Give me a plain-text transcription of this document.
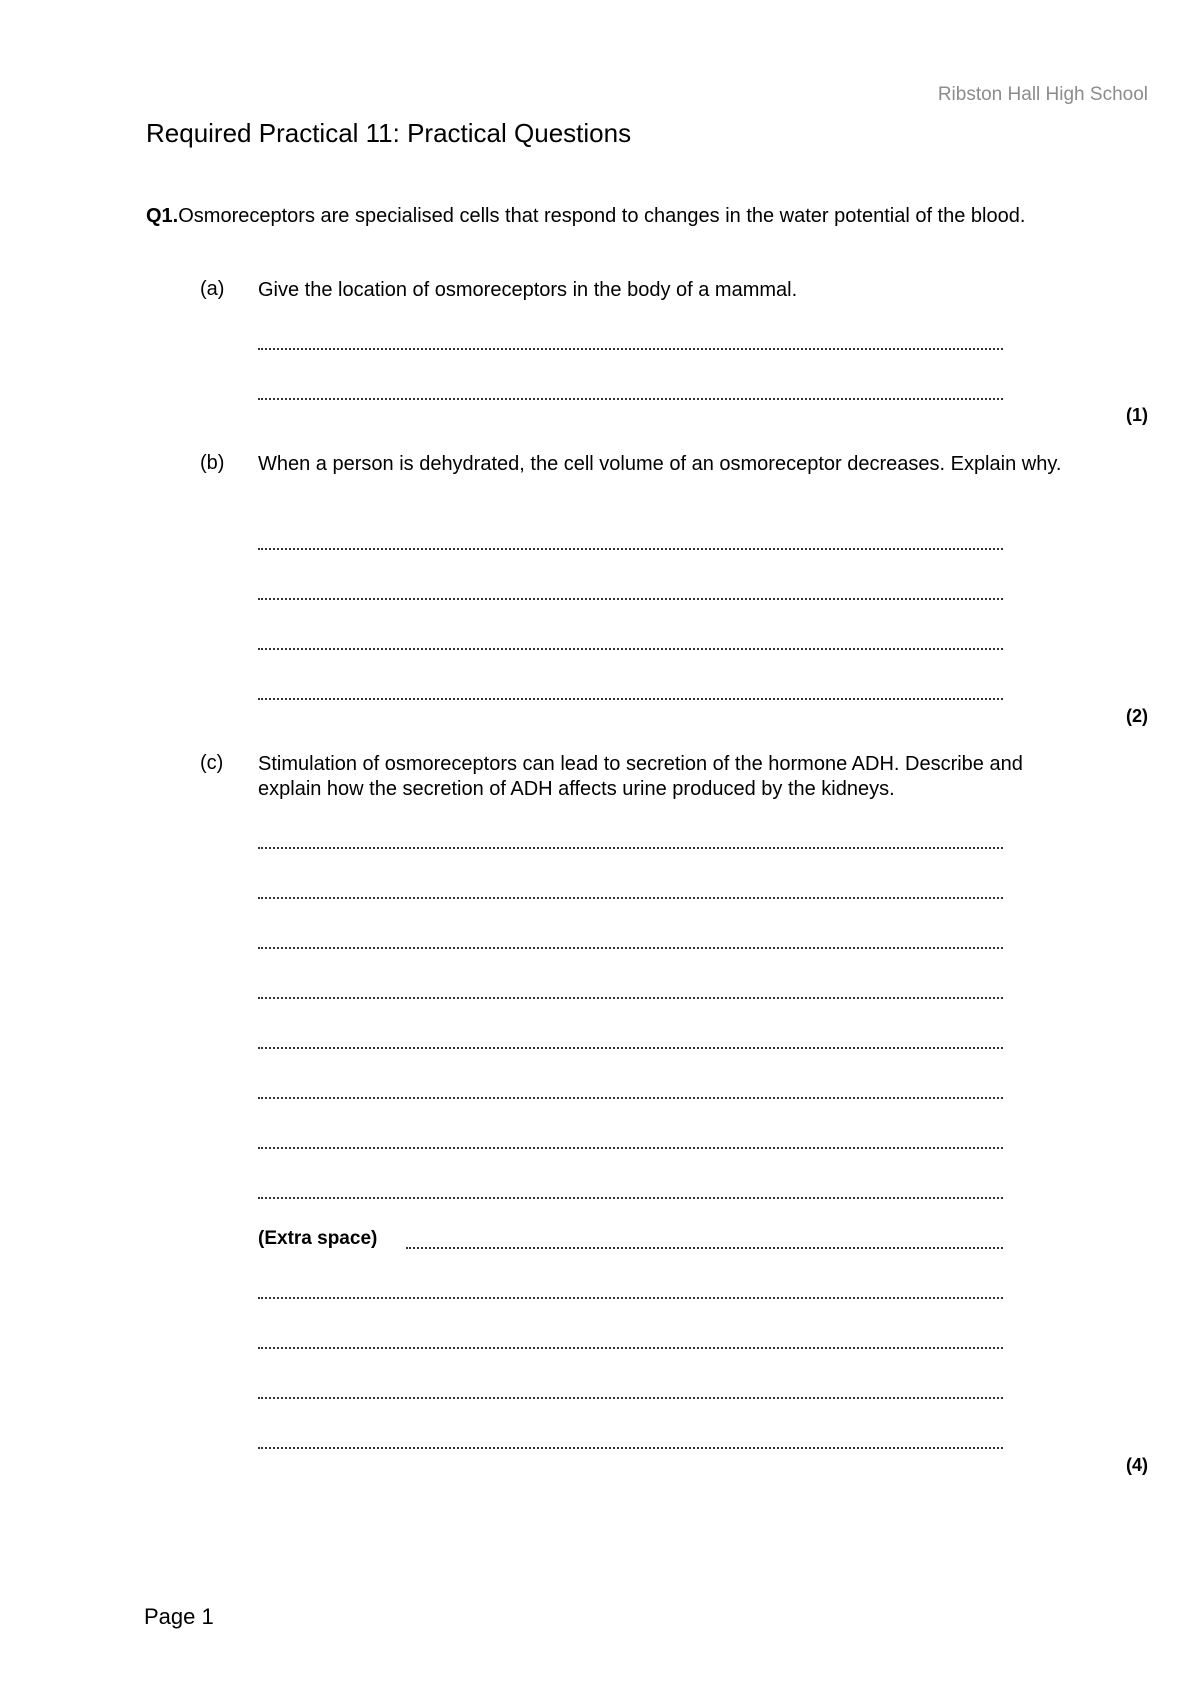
Ribston Hall High School
Required Practical 11: Practical Questions
Q1.Osmoreceptors are specialised cells that respond to changes in the water potential of the blood.
(a) Give the location of osmoreceptors in the body of a mammal.
(1)
(b) When a person is dehydrated, the cell volume of an osmoreceptor decreases. Explain why.
(2)
(c) Stimulation of osmoreceptors can lead to secretion of the hormone ADH. Describe and explain how the secretion of ADH affects urine produced by the kidneys.
(Extra space)
(4)
Page 1
